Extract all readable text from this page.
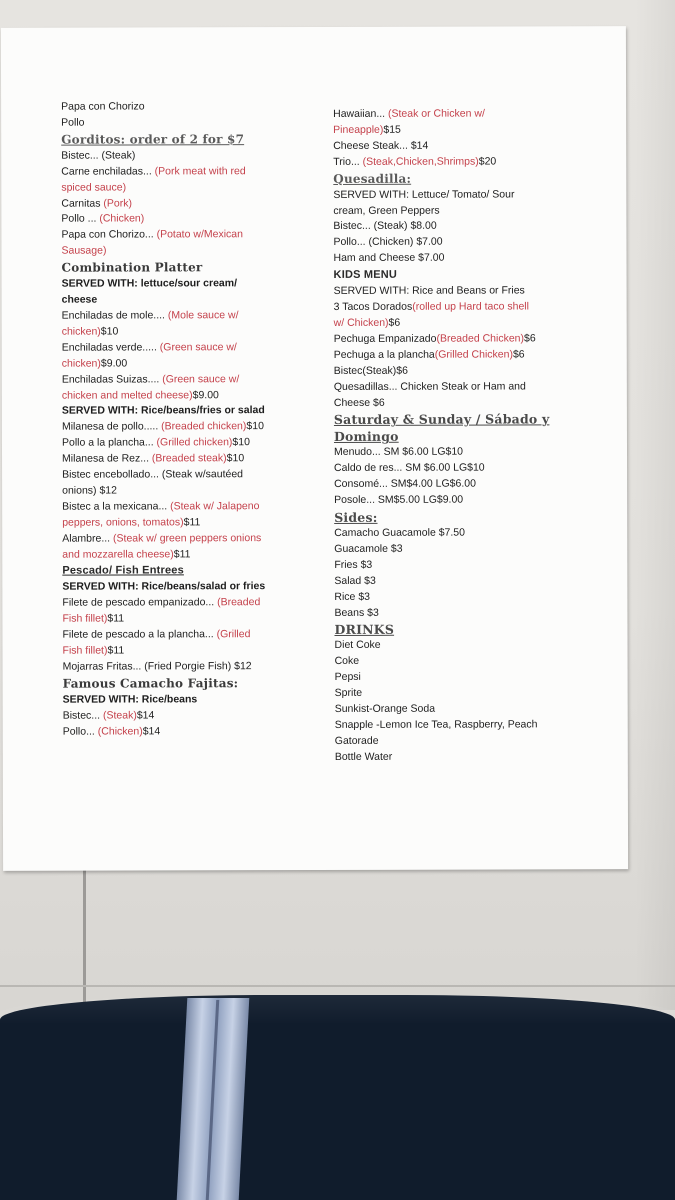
Papa con Chorizo
Pollo
Gorditos: order of 2 for $7
Bistec... (Steak)
Carne enchiladas... (Pork meat with red
spiced sauce)
Carnitas (Pork)
Pollo ... (Chicken)
Papa con Chorizo... (Potato w/Mexican
Sausage)
Combination Platter
SERVED WITH: lettuce/sour cream/
cheese
Enchiladas de mole.... (Mole sauce w/
chicken)$10
Enchiladas verde..... (Green sauce w/
chicken)$9.00
Enchiladas Suizas.... (Green sauce w/
chicken and melted cheese)$9.00
SERVED WITH: Rice/beans/fries or salad
Milanesa de pollo..... (Breaded chicken)$10
Pollo a la plancha... (Grilled chicken)$10
Milanesa de Rez... (Breaded steak)$10
Bistec encebollado... (Steak w/sautéed
onions) $12
Bistec a la mexicana... (Steak w/ Jalapeno
peppers, onions, tomatos)$11
Alambre... (Steak w/ green peppers onions
and mozzarella cheese)$11
Pescado/ Fish Entrees
SERVED WITH: Rice/beans/salad or fries
Filete de pescado empanizado... (Breaded
Fish fillet)$11
Filete de pescado a la plancha... (Grilled
Fish fillet)$11
Mojarras Fritas... (Fried Porgie Fish) $12
Famous Camacho Fajitas:
SERVED WITH: Rice/beans
Bistec... (Steak)$14
Pollo... (Chicken)$14
Hawaiian... (Steak or Chicken w/
Pineapple)$15
Cheese Steak... $14
Trio... (Steak,Chicken,Shrimps)$20
Quesadilla:
SERVED WITH: Lettuce/ Tomato/ Sour
cream, Green Peppers
Bistec... (Steak) $8.00
Pollo... (Chicken) $7.00
Ham and Cheese $7.00
KIDS MENU
SERVED WITH: Rice and Beans or Fries
3 Tacos Dorados(rolled up Hard taco shell
w/ Chicken)$6
Pechuga Empanizado(Breaded Chicken)$6
Pechuga a la plancha(Grilled Chicken)$6
Bistec(Steak)$6
Quesadillas... Chicken Steak or Ham and
Cheese $6
Saturday & Sunday / Sábado y
Domingo
Menudo... SM $6.00 LG$10
Caldo de res... SM $6.00 LG$10
Consomé... SM$4.00 LG$6.00
Posole... SM$5.00 LG$9.00
Sides:
Camacho Guacamole $7.50
Guacamole $3
Fries $3
Salad $3
Rice $3
Beans $3
DRINKS
Diet Coke
Coke
Pepsi
Sprite
Sunkist-Orange Soda
Snapple -Lemon Ice Tea, Raspberry, Peach
Gatorade
Bottle Water
